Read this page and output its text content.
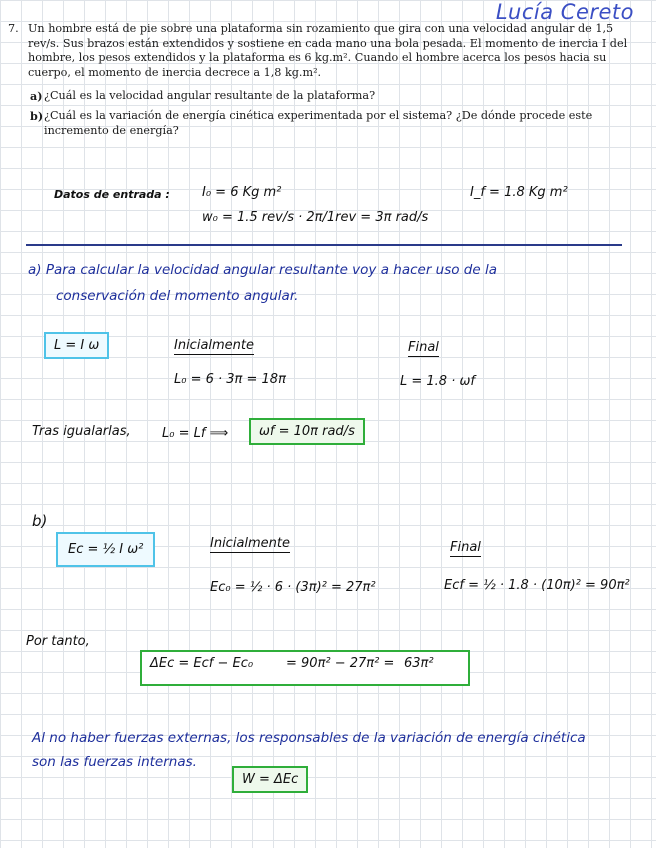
Lucía Cereto
7. Un hombre está de pie sobre una plataforma sin rozamiento que gira con una velocidad angular de 1,5 rev/s. Sus brazos están extendidos y sostiene en cada mano una bola pesada. El momento de inercia I del hombre, los pesos extendidos y la plataforma es 6 kg.m². Cuando el hombre acerca los pesos hacia su cuerpo, el momento de inercia decrece a 1,8 kg.m².
a) ¿Cuál es la velocidad angular resultante de la plataforma?
b) ¿Cuál es la variación de energía cinética experimentada por el sistema? ¿De dónde procede este incremento de energía?
Datos de entrada : I₀ = 6 Kg m²
w₀ = 1.5 rev/s · 2π/1rev = 3π rad/s
I_f = 1.8 Kg m²
a) Para calcular la velocidad angular resultante voy a hacer uso de la
conservación del momento angular.
L = I ω	Inicialmente	Final
L₀ = 6 · 3π = 18π	L = 1.8 · ωf
Tras igualarlas, L₀ = Lf ⟹	ωf = 10π rad/s
b)
Ec = ½ I ω²	Inicialmente	Final
Ec₀ = ½ · 6 · (3π)² = 27π²	Ecf = ½ · 1.8 · (10π)² = 90π²
Por tanto,
ΔEc = Ecf − Ec₀	= 90π² − 27π² = 63π²
Al no haber fuerzas externas, los responsables de la variación de energía cinética
son las fuerzas internas.
W = ΔEc
